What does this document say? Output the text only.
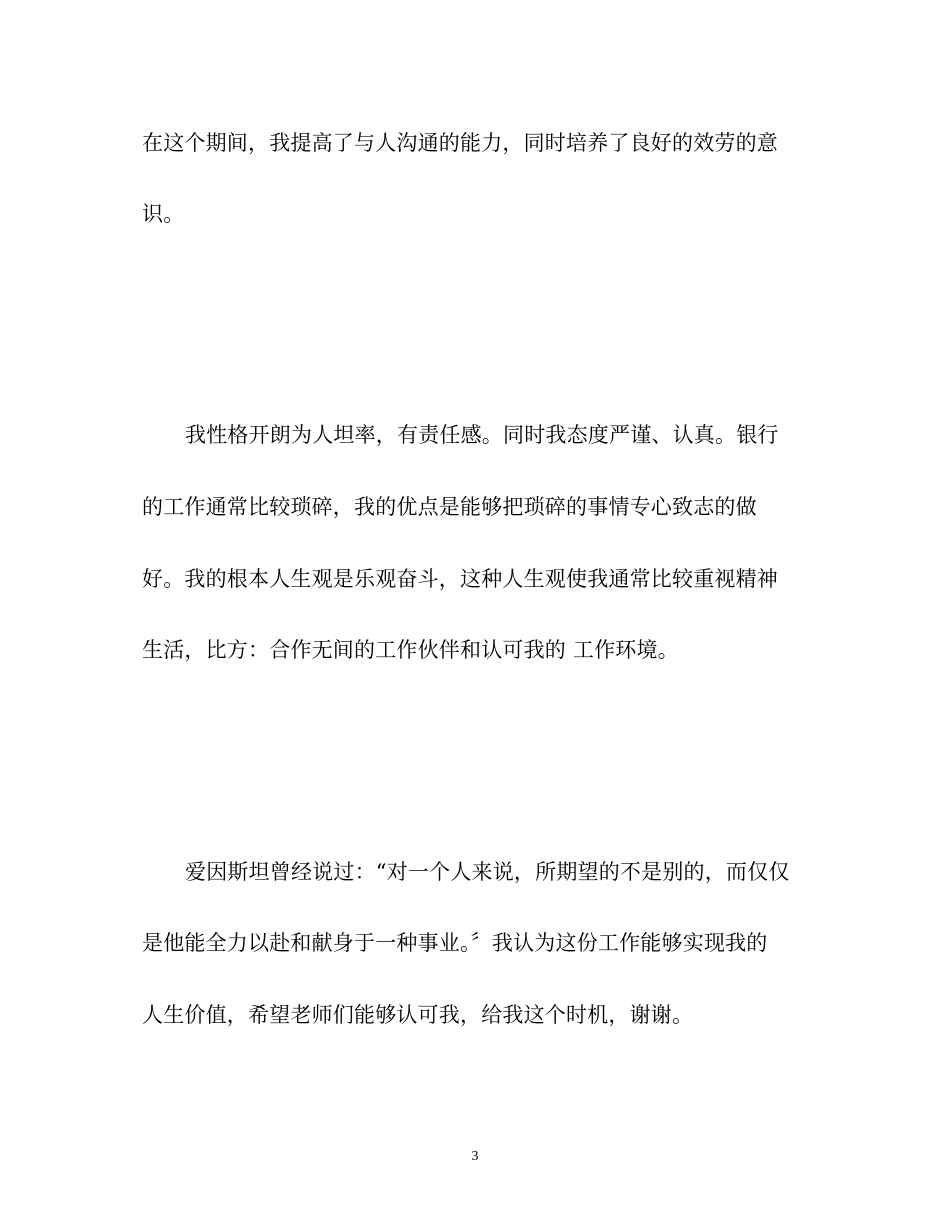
在这个期间，我提高了与人沟通的能力，同时培养了良好的效劳的意
识。
我性格开朗为人坦率，有责任感。同时我态度严谨、认真。银行
的工作通常比较琐碎，我的优点是能够把琐碎的事情专心致志的做
好。我的根本人生观是乐观奋斗，这种人生观使我通常比较重视精神
生活，比方：合作无间的工作伙伴和认可我的 工作环境。
爱因斯坦曾经说过：“对一个人来说，所期望的不是别的，而仅仅
是他能全力以赴和献身于一种事业。〞我认为这份工作能够实现我的
人生价值，希望老师们能够认可我，给我这个时机，谢谢。
3
